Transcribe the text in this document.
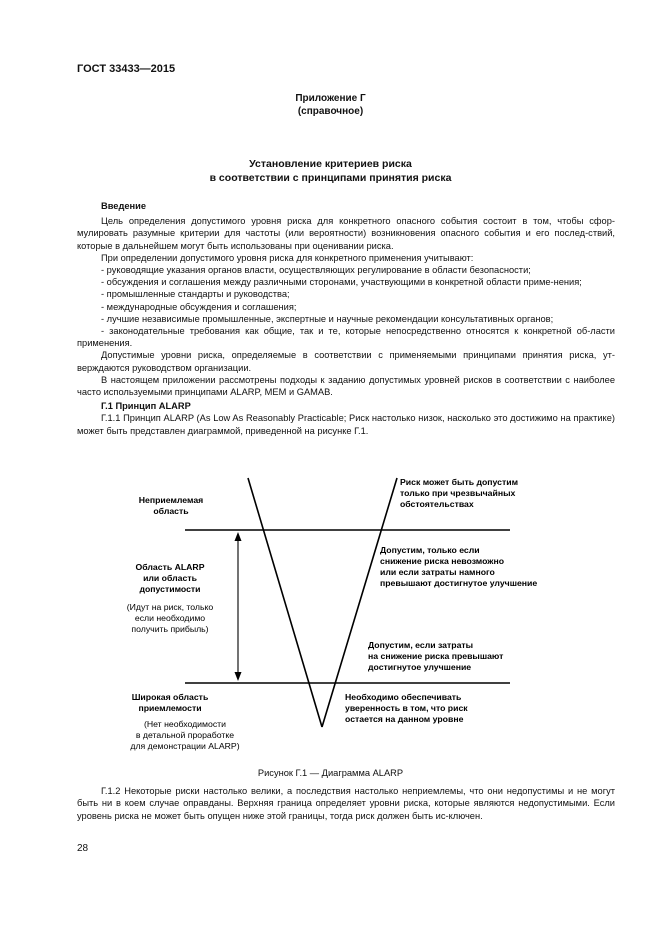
ГОСТ 33433—2015
Приложение Г
(справочное)
Установление критериев риска
в соответствии с принципами принятия риска

Введение

Цель определения допустимого уровня риска для конкретного опасного события состоит в том, чтобы сфор-мулировать разумные критерии для частоты (или вероятности) возникновения опасного события и его послед-ствий, которые в дальнейшем могут быть использованы при оценивании риска.

При определении допустимого уровня риска для конкретного применения учитывают:

- руководящие указания органов власти, осуществляющих регулирование в области безопасности;

- обсуждения и соглашения между различными сторонами, участвующими в конкретной области приме-нения;

- промышленные стандарты и руководства;

- международные обсуждения и соглашения;

- лучшие независимые промышленные, экспертные и научные рекомендации консультативных органов;

- законодательные требования как общие, так и те, которые непосредственно относятся к конкретной об-ласти применения.

Допустимые уровни риска, определяемые в соответствии с применяемыми принципами принятия риска, ут-верждаются руководством организации.

В настоящем приложении рассмотрены подходы к заданию допустимых уровней рисков в соответствии с наиболее часто используемыми принципами ALARP, MEM и GAMAB.

Г.1 Принцип ALARP

Г.1.1 Принцип ALARP (As Low As Reasonably Practicable; Риск настолько низок, насколько это достижимо на практике) может быть представлен диаграммой, приведенной на рисунке Г.1.

Неприемлемая
область
Область ALARP
или область
допустимости
(Идут на риск, только
если необходимо
получить прибыль)
Широкая область
приемлемости
(Нет необходимости
в детальной проработке
для демонстрации ALARP)
Риск может быть допустим
только при чрезвычайных
обстоятельствах
Допустим, только если
снижение риска невозможно
или если затраты намного
превышают достигнутое улучшение
Допустим, если затраты
на снижение риска превышают
достигнутое улучшение
Необходимо обеспечивать
уверенность в том, что риск
остается на данном уровне
Рисунок Г.1 — Диаграмма ALARP

Г.1.2 Некоторые риски настолько велики, а последствия настолько неприемлемы, что они недопустимы и не могут быть ни в коем случае оправданы. Верхняя граница определяет уровни риска, которые являются недопустимыми. Если уровень риска не может быть опущен ниже этой границы, тогда риск должен быть ис-ключен.

28
